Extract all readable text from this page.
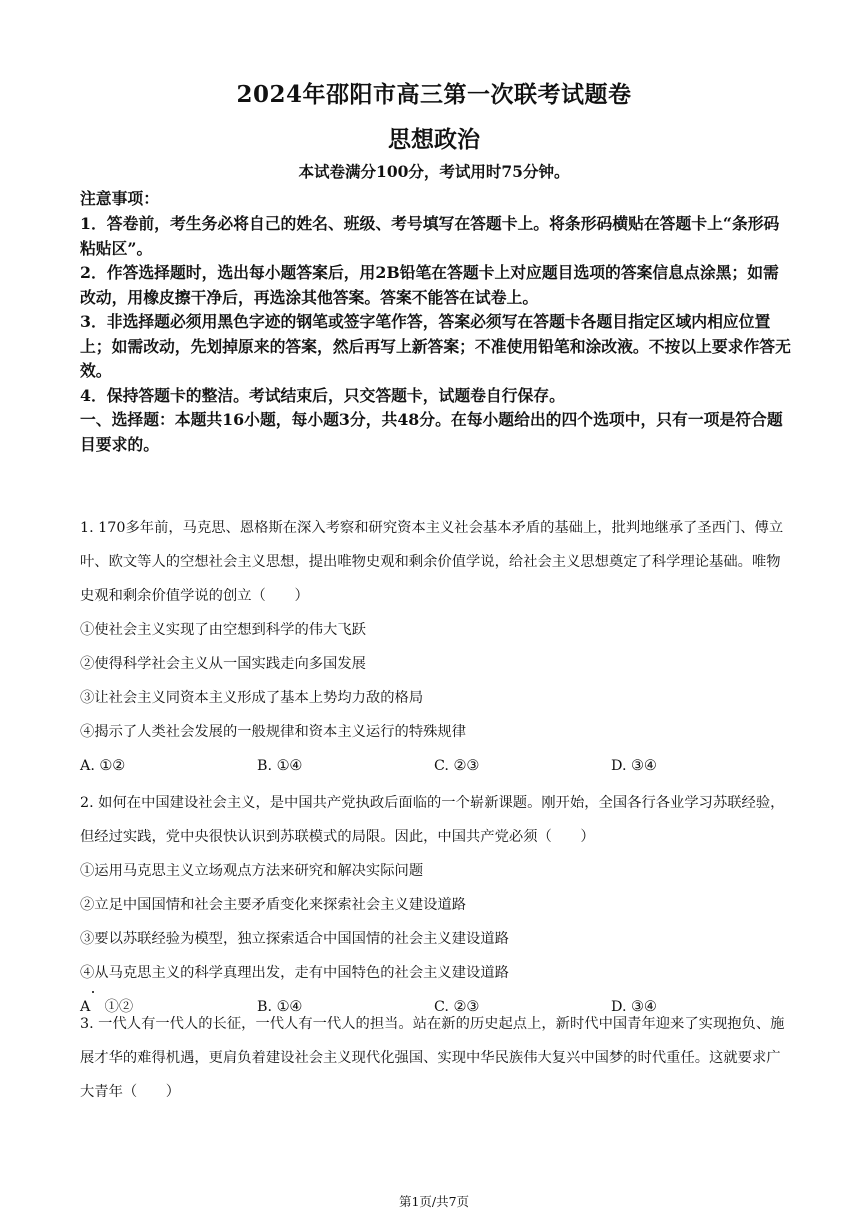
2024年邵阳市高三第一次联考试题卷
思想政治
本试卷满分100分，考试用时75分钟。
注意事项：

1．答卷前，考生务必将自己的姓名、班级、考号填写在答题卡上。将条形码横贴在答题卡上“条形码粘贴区”。

2．作答选择题时，选出每小题答案后，用2B铅笔在答题卡上对应题目选项的答案信息点涂黑；如需改动，用橡皮擦干净后，再选涂其他答案。答案不能答在试卷上。

3．非选择题必须用黑色字迹的钢笔或签字笔作答，答案必须写在答题卡各题目指定区域内相应位置上；如需改动，先划掉原来的答案，然后再写上新答案；不准使用铅笔和涂改液。不按以上要求作答无效。

4．保持答题卡的整洁。考试结束后，只交答题卡，试题卷自行保存。

一、选择题：本题共16小题，每小题3分，共48分。在每小题给出的四个选项中，只有一项是符合题目要求的。

1. 170多年前，马克思、恩格斯在深入考察和研究资本主义社会基本矛盾的基础上，批判地继承了圣西门、傅立叶、欧文等人的空想社会主义思想，提出唯物史观和剩余价值学说，给社会主义思想奠定了科学理论基础。唯物史观和剩余价值学说的创立（　　）

①使社会主义实现了由空想到科学的伟大飞跃

②使得科学社会主义从一国实践走向多国发展

③让社会主义同资本主义形成了基本上势均力敌的格局

④揭示了人类社会发展的一般规律和资本主义运行的特殊规律

A. ①②	B. ①④	C. ②③	D. ③④

2. 如何在中国建设社会主义，是中国共产党执政后面临的一个崭新课题。刚开始，全国各行各业学习苏联经验，但经过实践，党中央很快认识到苏联模式的局限。因此，中国共产党必须（　　）

①运用马克思主义立场观点方法来研究和解决实际问题

②立足中国国情和社会主要矛盾变化来探索社会主义建设道路

③要以苏联经验为模型，独立探索适合中国国情的社会主义建设道路

④从马克思主义的科学真理出发，走有中国特色的社会主义建设道路

A　①②	B. ①④	C. ②③	D. ③④

3. 一代人有一代人的长征，一代人有一代人的担当。站在新的历史起点上，新时代中国青年迎来了实现抱负、施展才华的难得机遇，更肩负着建设社会主义现代化强国、实现中华民族伟大复兴中国梦的时代重任。这就要求广大青年（　　）

第1页/共7页
